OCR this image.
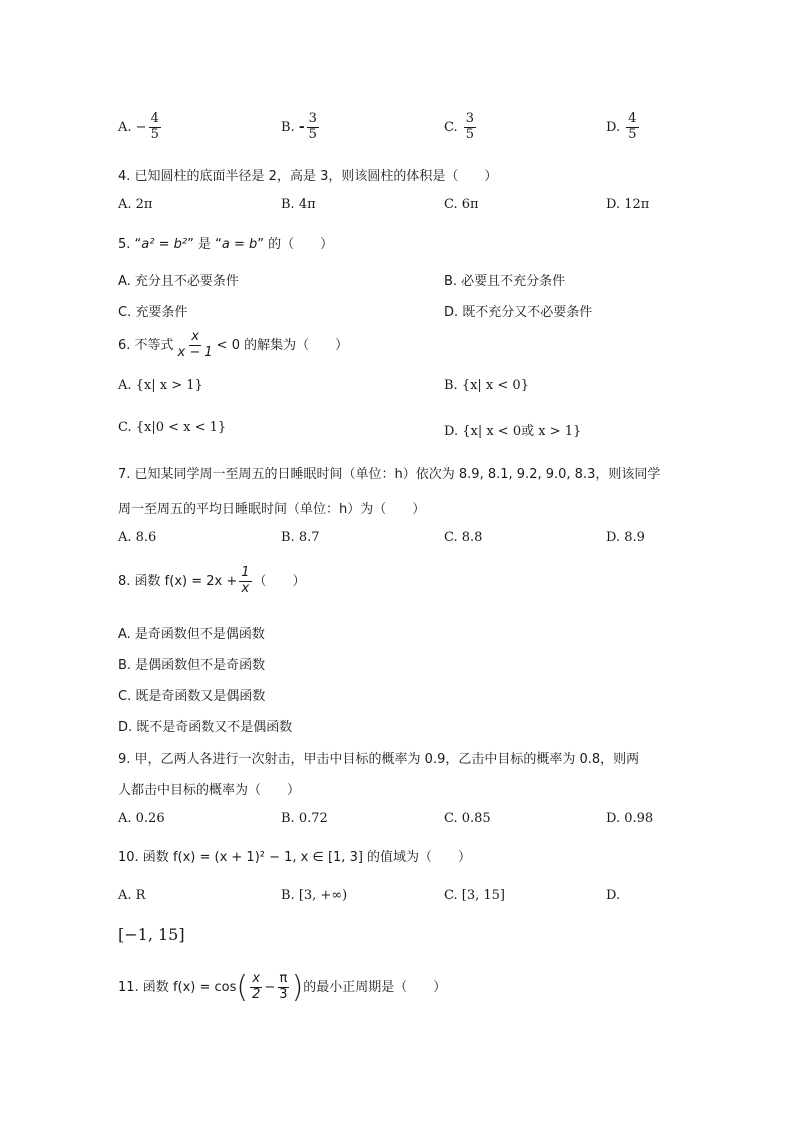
A. − $\frac{4}{5}$	B. - $\frac{3}{5}$	C. $\frac{3}{5}$	D. $\frac{4}{5}$
4. 已知圆柱的底面半径是 2，高是 3，则该圆柱的体积是（　　）
A. 2π	B. 4π	C. 6π	D. 12π
5. “a² = b²” 是 “a = b” 的（　　）
A. 充分且不必要条件	B. 必要且不充分条件
C. 充要条件	D. 既不充分又不必要条件
6. 不等式 $\frac{x}{x - 1} < 0$ 的解集为（　　）
A. {x| x > 1}	B. {x| x < 0}
C. {x|0 < x < 1}	D. {x| x < 0或 x > 1}
7. 已知某同学周一至周五的日睡眠时间（单位：h）依次为 8.9, 8.1, 9.2, 9.0, 8.3，则该同学
周一至周五的平均日睡眠时间（单位：h）为（　　）
A. 8.6	B. 8.7	C. 8.8	D. 8.9
8. 函数 $f(x) = 2x + \frac{1}{x}$ （　　）
A. 是奇函数但不是偶函数
B. 是偶函数但不是奇函数
C. 既是奇函数又是偶函数
D. 既不是奇函数又不是偶函数
9. 甲，乙两人各进行一次射击，甲击中目标的概率为 0.9，乙击中目标的概率为 0.8，则两
人都击中目标的概率为（　　）
A. 0.26	B. 0.72	C. 0.85	D. 0.98
10. 函数 f(x) = (x + 1)² − 1, x ∈ [1, 3] 的值域为（　　）
A. R	B. [3, +∞)	C. [3, 15]	D.
[−1, 15]
11. 函数 $f(x) = \cos( \frac{x}{2} - \frac{\pi}{3}$ )的最小正周期是（　　）
